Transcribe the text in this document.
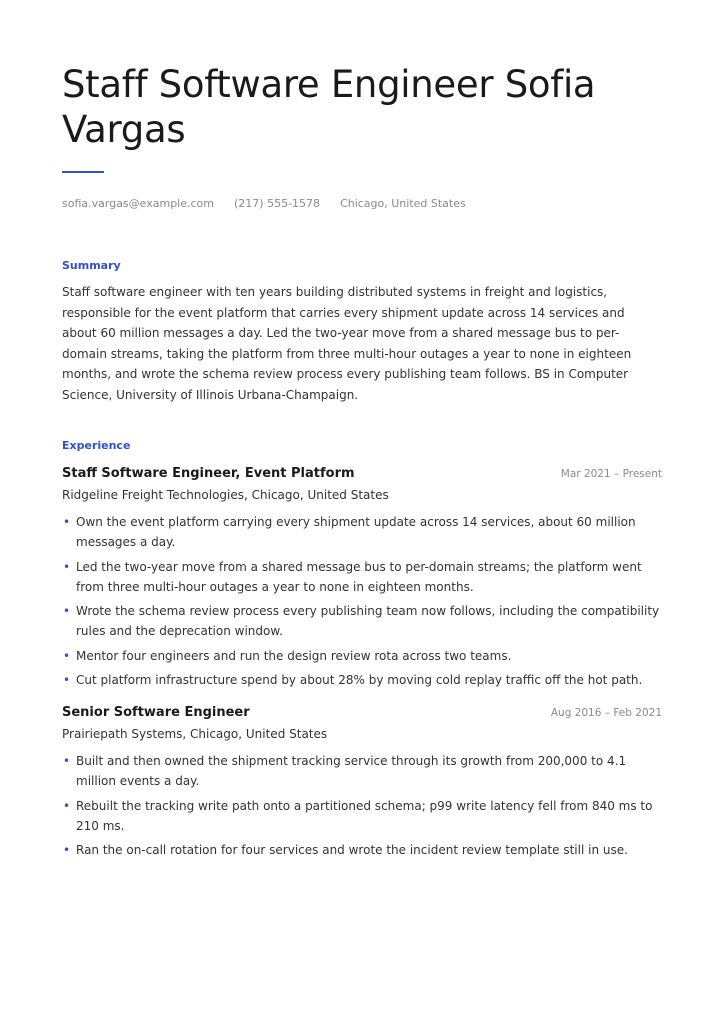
Staff Software Engineer Sofia Vargas
sofia.vargas@example.com (217) 555-1578 Chicago, United States
Summary

Staff software engineer with ten years building distributed systems in freight and logistics, responsible for the event platform that carries every shipment update across 14 services and about 60 million messages a day. Led the two-year move from a shared message bus to per-domain streams, taking the platform from three multi-hour outages a year to none in eighteen months, and wrote the schema review process every publishing team follows. BS in Computer Science, University of Illinois Urbana-Champaign.

Experience
Staff Software Engineer, Event Platform	Mar 2021 – Present
Ridgeline Freight Technologies, Chicago, United States
• Own the event platform carrying every shipment update across 14 services, about 60 million messages a day.
• Led the two-year move from a shared message bus to per-domain streams; the platform went from three multi-hour outages a year to none in eighteen months.
• Wrote the schema review process every publishing team now follows, including the compatibility rules and the deprecation window.
• Mentor four engineers and run the design review rota across two teams.
• Cut platform infrastructure spend by about 28% by moving cold replay traffic off the hot path.
Senior Software Engineer	Aug 2016 – Feb 2021
Prairiepath Systems, Chicago, United States
• Built and then owned the shipment tracking service through its growth from 200,000 to 4.1 million events a day.
• Rebuilt the tracking write path onto a partitioned schema; p99 write latency fell from 840 ms to 210 ms.
• Ran the on-call rotation for four services and wrote the incident review template still in use.
